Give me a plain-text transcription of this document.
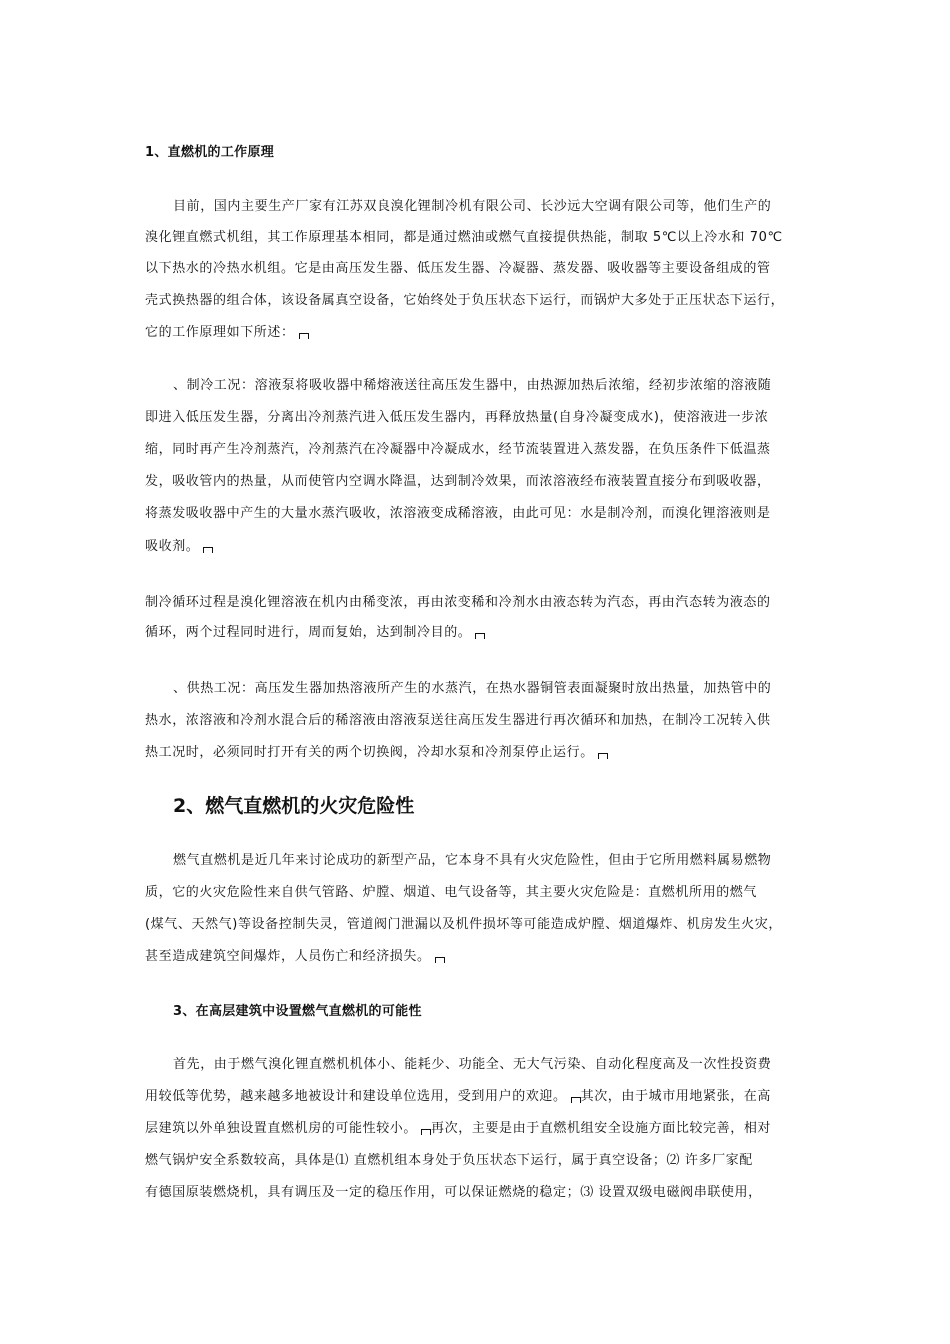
1、直燃机的工作原理
目前，国内主要生产厂家有江苏双良溴化锂制冷机有限公司、长沙远大空调有限公司等，他们生产的
溴化锂直燃式机组，其工作原理基本相同，都是通过燃油或燃气直接提供热能，制取 5℃以上冷水和 70℃
以下热水的冷热水机组。它是由高压发生器、低压发生器、冷凝器、蒸发器、吸收器等主要设备组成的管
壳式换热器的组合体，该设备属真空设备，它始终处于负压状态下运行，而锅炉大多处于正压状态下运行，
它的工作原理如下所述：
、制冷工况：溶液泵将吸收器中稀熔液送往高压发生器中，由热源加热后浓缩，经初步浓缩的溶液随
即进入低压发生器，分离出冷剂蒸汽进入低压发生器内，再释放热量(自身冷凝变成水)，使溶液进一步浓
缩，同时再产生冷剂蒸汽，冷剂蒸汽在冷凝器中冷凝成水，经节流装置进入蒸发器，在负压条件下低温蒸
发，吸收管内的热量，从而使管内空调水降温，达到制冷效果，而浓溶液经布液装置直接分布到吸收器，
将蒸发吸收器中产生的大量水蒸汽吸收，浓溶液变成稀溶液，由此可见：水是制冷剂，而溴化锂溶液则是
吸收剂。
制冷循环过程是溴化锂溶液在机内由稀变浓，再由浓变稀和冷剂水由液态转为汽态，再由汽态转为液态的
循环，两个过程同时进行，周而复始，达到制冷目的。
、供热工况：高压发生器加热溶液所产生的水蒸汽，在热水器铜管表面凝聚时放出热量，加热管中的
热水，浓溶液和冷剂水混合后的稀溶液由溶液泵送往高压发生器进行再次循环和加热，在制冷工况转入供
热工况时，必须同时打开有关的两个切换阀，冷却水泵和冷剂泵停止运行。
2、燃气直燃机的火灾危险性
燃气直燃机是近几年来讨论成功的新型产品，它本身不具有火灾危险性，但由于它所用燃料属易燃物
质，它的火灾危险性来自供气管路、炉膛、烟道、电气设备等，其主要火灾危险是：直燃机所用的燃气
(煤气、天然气)等设备控制失灵，管道阀门泄漏以及机件损坏等可能造成炉膛、烟道爆炸、机房发生火灾，
甚至造成建筑空间爆炸，人员伤亡和经济损失。
3、在高层建筑中设置燃气直燃机的可能性
首先，由于燃气溴化锂直燃机机体小、能耗少、功能全、无大气污染、自动化程度高及一次性投资费
用较低等优势，越来越多地被设计和建设单位选用，受到用户的欢迎。 其次，由于城市用地紧张，在高
层建筑以外单独设置直燃机房的可能性较小。 再次，主要是由于直燃机组安全设施方面比较完善，相对
燃气锅炉安全系数较高，具体是⑴ 直燃机组本身处于负压状态下运行，属于真空设备；⑵ 许多厂家配
有德国原装燃烧机，具有调压及一定的稳压作用，可以保证燃烧的稳定；⑶ 设置双级电磁阀串联使用，
